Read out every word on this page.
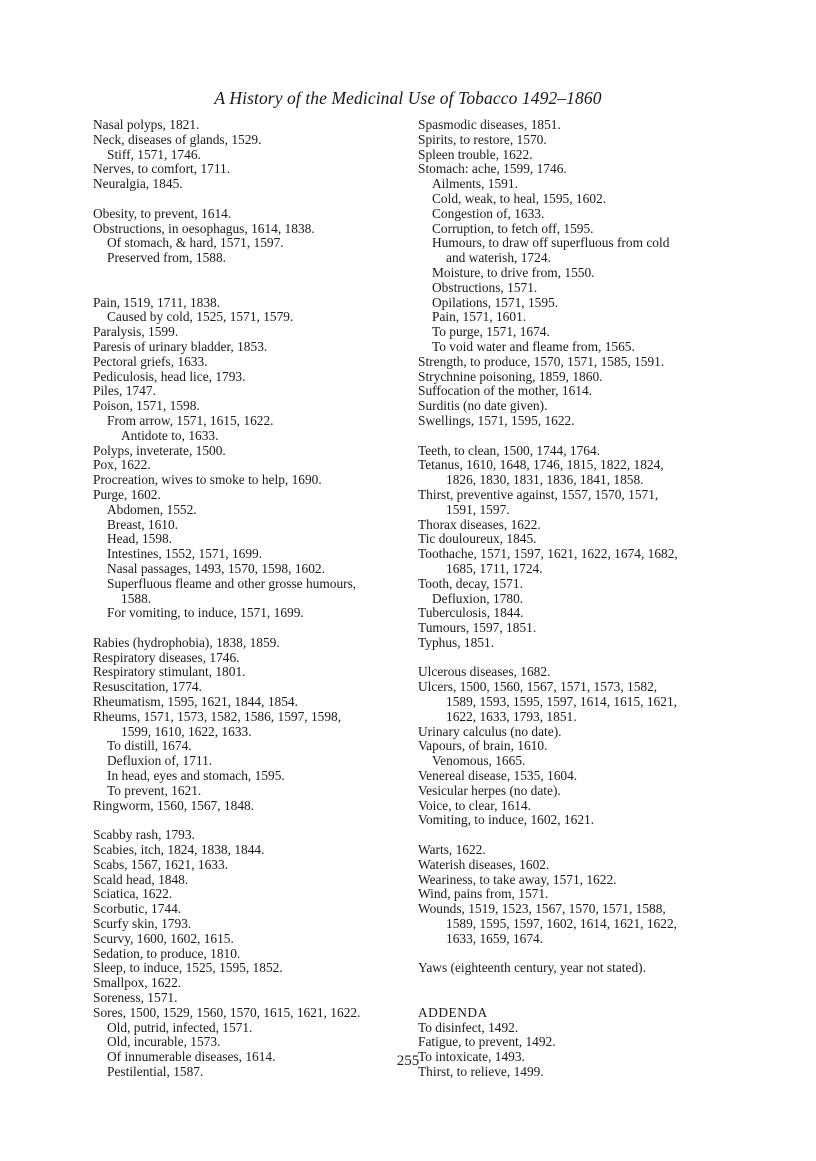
A History of the Medicinal Use of Tobacco 1492–1860
Nasal polyps, 1821.
Neck, diseases of glands, 1529.
Stiff, 1571, 1746.
Nerves, to comfort, 1711.
Neuralgia, 1845.
Obesity, to prevent, 1614.
Obstructions, in oesophagus, 1614, 1838.
Of stomach, & hard, 1571, 1597.
Preserved from, 1588.
Pain, 1519, 1711, 1838.
Caused by cold, 1525, 1571, 1579.
Paralysis, 1599.
Paresis of urinary bladder, 1853.
Pectoral griefs, 1633.
Pediculosis, head lice, 1793.
Piles, 1747.
Poison, 1571, 1598.
From arrow, 1571, 1615, 1622.
Antidote to, 1633.
Polyps, inveterate, 1500.
Pox, 1622.
Procreation, wives to smoke to help, 1690.
Purge, 1602.
Abdomen, 1552.
Breast, 1610.
Head, 1598.
Intestines, 1552, 1571, 1699.
Nasal passages, 1493, 1570, 1598, 1602.
Superfluous fleame and other grosse humours,
1588.
For vomiting, to induce, 1571, 1699.
Rabies (hydrophobia), 1838, 1859.
Respiratory diseases, 1746.
Respiratory stimulant, 1801.
Resuscitation, 1774.
Rheumatism, 1595, 1621, 1844, 1854.
Rheums, 1571, 1573, 1582, 1586, 1597, 1598,
1599, 1610, 1622, 1633.
To distill, 1674.
Defluxion of, 1711.
In head, eyes and stomach, 1595.
To prevent, 1621.
Ringworm, 1560, 1567, 1848.
Scabby rash, 1793.
Scabies, itch, 1824, 1838, 1844.
Scabs, 1567, 1621, 1633.
Scald head, 1848.
Sciatica, 1622.
Scorbutic, 1744.
Scurfy skin, 1793.
Scurvy, 1600, 1602, 1615.
Sedation, to produce, 1810.
Sleep, to induce, 1525, 1595, 1852.
Smallpox, 1622.
Soreness, 1571.
Sores, 1500, 1529, 1560, 1570, 1615, 1621, 1622.
Old, putrid, infected, 1571.
Old, incurable, 1573.
Of innumerable diseases, 1614.
Pestilential, 1587.
Spasmodic diseases, 1851.
Spirits, to restore, 1570.
Spleen trouble, 1622.
Stomach: ache, 1599, 1746.
Ailments, 1591.
Cold, weak, to heal, 1595, 1602.
Congestion of, 1633.
Corruption, to fetch off, 1595.
Humours, to draw off superfluous from cold
and waterish, 1724.
Moisture, to drive from, 1550.
Obstructions, 1571.
Opilations, 1571, 1595.
Pain, 1571, 1601.
To purge, 1571, 1674.
To void water and fleame from, 1565.
Strength, to produce, 1570, 1571, 1585, 1591.
Strychnine poisoning, 1859, 1860.
Suffocation of the mother, 1614.
Surditis (no date given).
Swellings, 1571, 1595, 1622.
Teeth, to clean, 1500, 1744, 1764.
Tetanus, 1610, 1648, 1746, 1815, 1822, 1824,
1826, 1830, 1831, 1836, 1841, 1858.
Thirst, preventive against, 1557, 1570, 1571,
1591, 1597.
Thorax diseases, 1622.
Tic douloureux, 1845.
Toothache, 1571, 1597, 1621, 1622, 1674, 1682,
1685, 1711, 1724.
Tooth, decay, 1571.
Defluxion, 1780.
Tuberculosis, 1844.
Tumours, 1597, 1851.
Typhus, 1851.
Ulcerous diseases, 1682.
Ulcers, 1500, 1560, 1567, 1571, 1573, 1582,
1589, 1593, 1595, 1597, 1614, 1615, 1621,
1622, 1633, 1793, 1851.
Urinary calculus (no date).
Vapours, of brain, 1610.
Venomous, 1665.
Venereal disease, 1535, 1604.
Vesicular herpes (no date).
Voice, to clear, 1614.
Vomiting, to induce, 1602, 1621.
Warts, 1622.
Waterish diseases, 1602.
Weariness, to take away, 1571, 1622.
Wind, pains from, 1571.
Wounds, 1519, 1523, 1567, 1570, 1571, 1588,
1589, 1595, 1597, 1602, 1614, 1621, 1622,
1633, 1659, 1674.
Yaws (eighteenth century, year not stated).
ADDENDA
To disinfect, 1492.
Fatigue, to prevent, 1492.
To intoxicate, 1493.
Thirst, to relieve, 1499.
255
